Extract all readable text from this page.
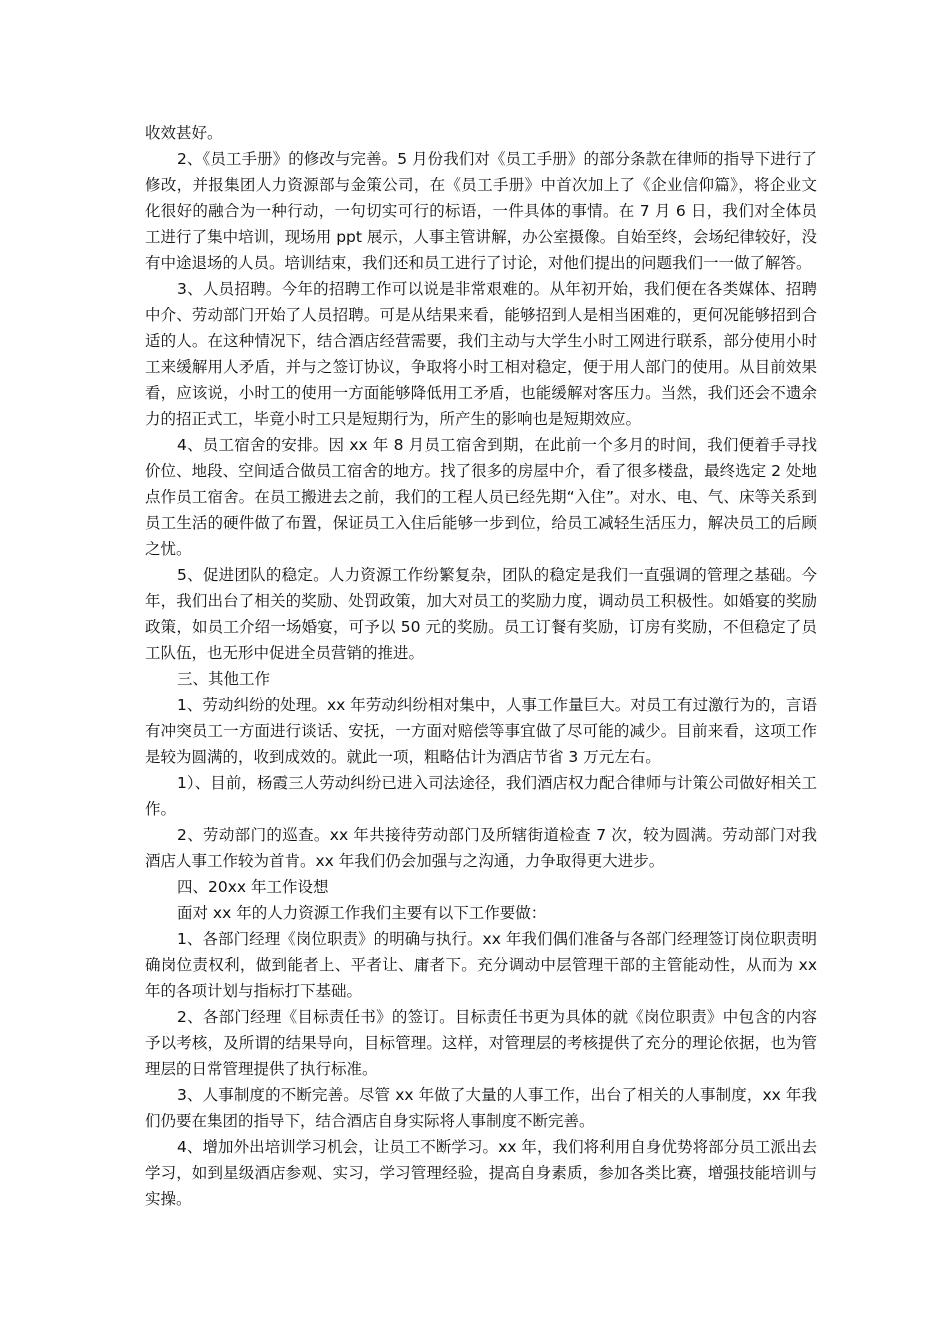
收效甚好。

2、《员工手册》的修改与完善。5 月份我们对《员工手册》的部分条款在律师的指导下进行了修改，并报集团人力资源部与金策公司，在《员工手册》中首次加上了《企业信仰篇》，将企业文化很好的融合为一种行动，一句切实可行的标语，一件具体的事情。在 7 月 6 日，我们对全体员工进行了集中培训，现场用 ppt 展示，人事主管讲解，办公室摄像。自始至终，会场纪律较好，没有中途退场的人员。培训结束，我们还和员工进行了讨论，对他们提出的问题我们一一做了解答。

3、人员招聘。今年的招聘工作可以说是非常艰难的。从年初开始，我们便在各类媒体、招聘中介、劳动部门开始了人员招聘。可是从结果来看，能够招到人是相当困难的，更何况能够招到合适的人。在这种情况下，结合酒店经营需要，我们主动与大学生小时工网进行联系，部分使用小时工来缓解用人矛盾，并与之签订协议，争取将小时工相对稳定，便于用人部门的使用。从目前效果看，应该说，小时工的使用一方面能够降低用工矛盾，也能缓解对客压力。当然，我们还会不遗余力的招正式工，毕竟小时工只是短期行为，所产生的影响也是短期效应。

4、员工宿舍的安排。因 xx 年 8 月员工宿舍到期，在此前一个多月的时间，我们便着手寻找价位、地段、空间适合做员工宿舍的地方。找了很多的房屋中介，看了很多楼盘，最终选定 2 处地点作员工宿舍。在员工搬进去之前，我们的工程人员已经先期“入住”。对水、电、气、床等关系到员工生活的硬件做了布置，保证员工入住后能够一步到位，给员工减轻生活压力，解决员工的后顾之忧。

5、促进团队的稳定。人力资源工作纷繁复杂，团队的稳定是我们一直强调的管理之基础。今年，我们出台了相关的奖励、处罚政策，加大对员工的奖励力度，调动员工积极性。如婚宴的奖励政策，如员工介绍一场婚宴，可予以 50 元的奖励。员工订餐有奖励，订房有奖励，不但稳定了员工队伍，也无形中促进全员营销的推进。

三、其他工作

1、劳动纠纷的处理。xx 年劳动纠纷相对集中，人事工作量巨大。对员工有过激行为的，言语有冲突员工一方面进行谈话、安抚，一方面对赔偿等事宜做了尽可能的减少。目前来看，这项工作是较为圆满的，收到成效的。就此一项，粗略估计为酒店节省 3 万元左右。

1）、目前，杨霞三人劳动纠纷已进入司法途径，我们酒店权力配合律师与计策公司做好相关工作。

2、劳动部门的巡查。xx 年共接待劳动部门及所辖街道检查 7 次，较为圆满。劳动部门对我酒店人事工作较为首肯。xx 年我们仍会加强与之沟通，力争取得更大进步。

四、20xx 年工作设想

面对 xx 年的人力资源工作我们主要有以下工作要做：

1、各部门经理《岗位职责》的明确与执行。xx 年我们偶们准备与各部门经理签订岗位职责明确岗位责权利，做到能者上、平者让、庸者下。充分调动中层管理干部的主管能动性，从而为 xx 年的各项计划与指标打下基础。

2、各部门经理《目标责任书》的签订。目标责任书更为具体的就《岗位职责》中包含的内容予以考核，及所谓的结果导向，目标管理。这样，对管理层的考核提供了充分的理论依据，也为管理层的日常管理提供了执行标准。

3、人事制度的不断完善。尽管 xx 年做了大量的人事工作，出台了相关的人事制度，xx 年我们仍要在集团的指导下，结合酒店自身实际将人事制度不断完善。

4、增加外出培训学习机会，让员工不断学习。xx 年，我们将利用自身优势将部分员工派出去学习，如到星级酒店参观、实习，学习管理经验，提高自身素质，参加各类比赛，增强技能培训与实操。
